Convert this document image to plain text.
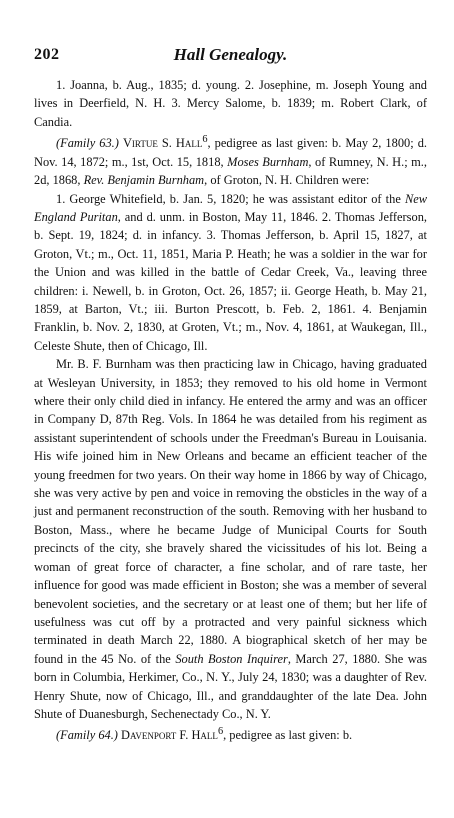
202	Hall Genealogy.

1. Joanna, b. Aug., 1835; d. young. 2. Josephine, m. Joseph Young and lives in Deerfield, N. H. 3. Mercy Salome, b. 1839; m. Robert Clark, of Candia.

(Family 63.) Virtue S. Hall$^6$, pedigree as last given: b. May 2, 1800; d. Nov. 14, 1872; m., 1st, Oct. 15, 1818, Moses Burnham, of Rumney, N. H.; m., 2d, 1868, Rev. Benjamin Burnham, of Groton, N. H. Children were:

1. George Whitefield, b. Jan. 5, 1820; he was assistant editor of the New England Puritan, and d. unm. in Boston, May 11, 1846. 2. Thomas Jefferson, b. Sept. 19, 1824; d. in infancy. 3. Thomas Jefferson, b. April 15, 1827, at Groton, Vt.; m., Oct. 11, 1851, Maria P. Heath; he was a soldier in the war for the Union and was killed in the battle of Cedar Creek, Va., leaving three children: i. Newell, b. in Groton, Oct. 26, 1857; ii. George Heath, b. May 21, 1859, at Barton, Vt.; iii. Burton Prescott, b. Feb. 2, 1861. 4. Benjamin Franklin, b. Nov. 2, 1830, at Groten, Vt.; m., Nov. 4, 1861, at Waukegan, Ill., Celeste Shute, then of Chicago, Ill.

Mr. B. F. Burnham was then practicing law in Chicago, having graduated at Wesleyan University, in 1853; they removed to his old home in Vermont where their only child died in infancy. He entered the army and was an officer in Company D, 87th Reg. Vols. In 1864 he was detailed from his regiment as assistant superintendent of schools under the Freedman's Bureau in Louisania. His wife joined him in New Orleans and became an efficient teacher of the young freedmen for two years. On their way home in 1866 by way of Chicago, she was very active by pen and voice in removing the obsticles in the way of a just and permanent reconstruction of the south. Removing with her husband to Boston, Mass., where he became Judge of Municipal Courts for South precincts of the city, she bravely shared the vicissitudes of his lot. Being a woman of great force of character, a fine scholar, and of rare taste, her influence for good was made efficient in Boston; she was a member of several benevolent societies, and the secretary or at least one of them; but her life of usefulness was cut off by a protracted and very painful sickness which terminated in death March 22, 1880. A biographical sketch of her may be found in the 45 No. of the South Boston Inquirer, March 27, 1880. She was born in Columbia, Herkimer, Co., N. Y., July 24, 1830; was a daughter of Rev. Henry Shute, now of Chicago, Ill., and granddaughter of the late Dea. John Shute of Duanesburgh, Sechenectady Co., N. Y.

(Family 64.) Davenport F. Hall$^6$, pedigree as last given: b.
